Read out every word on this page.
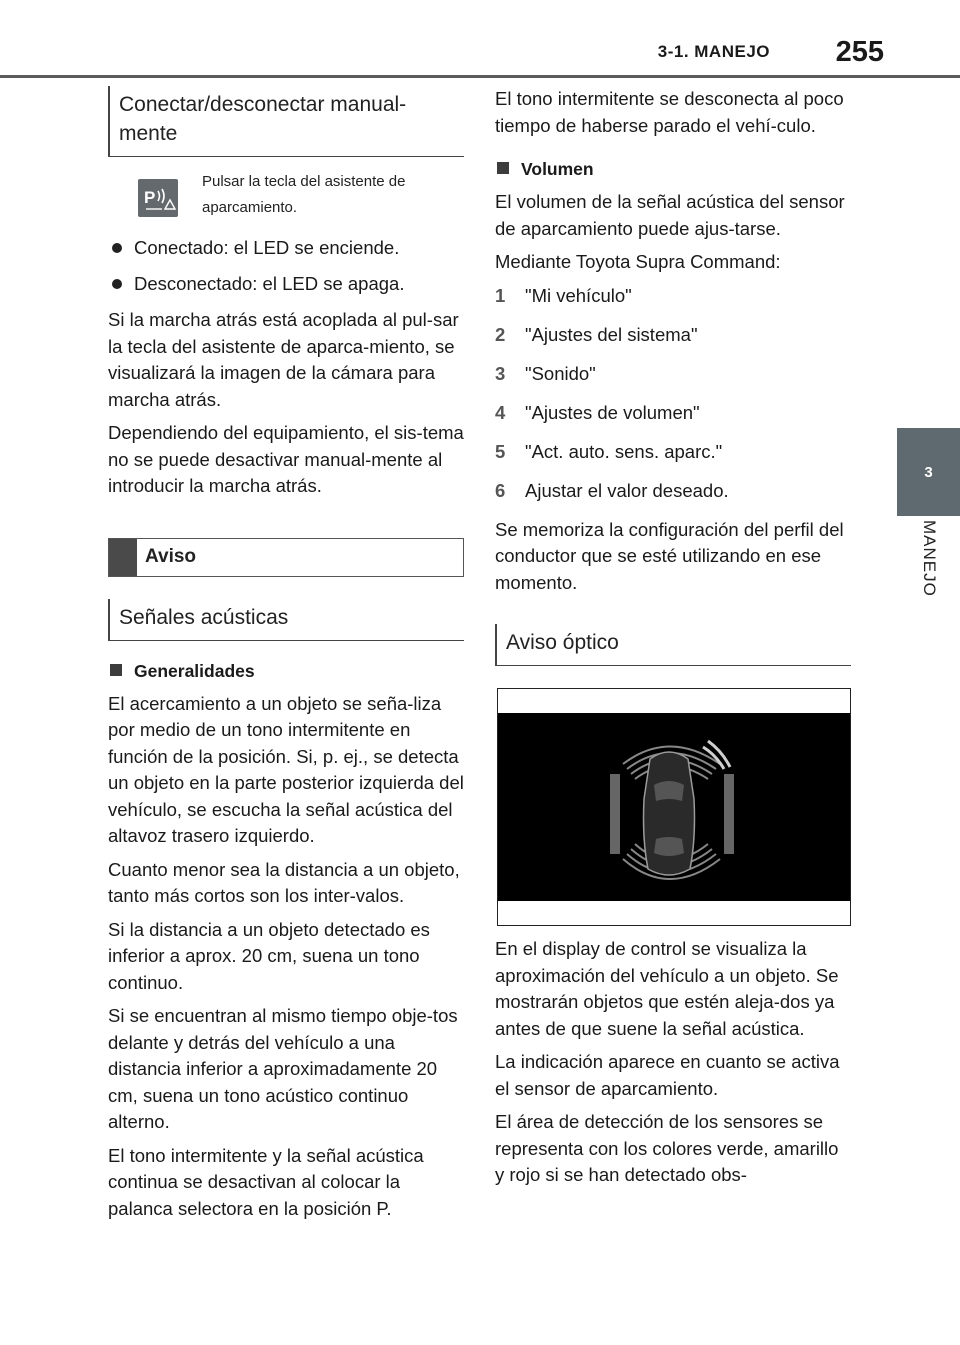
3-1. MANEJO 255
3
MANEJO
Conectar/desconectar manual-mente
P
Pulsar la tecla del asistente de aparcamiento.
Conectado: el LED se enciende.
Desconectado: el LED se apaga.

Si la marcha atrás está acoplada al pul-sar la tecla del asistente de aparca-miento, se visualizará la imagen de la cámara para marcha atrás.

Dependiendo del equipamiento, el sis-tema no se puede desactivar manual-mente al introducir la marcha atrás.

Aviso
Señales acústicas
Generalidades

El acercamiento a un objeto se seña-liza por medio de un tono intermitente en función de la posición. Si, p. ej., se detecta un objeto en la parte posterior izquierda del vehículo, se escucha la señal acústica del altavoz trasero izquierdo.

Cuanto menor sea la distancia a un objeto, tanto más cortos son los inter-valos.

Si la distancia a un objeto detectado es inferior a aprox. 20 cm, suena un tono continuo.

Si se encuentran al mismo tiempo obje-tos delante y detrás del vehículo a una distancia inferior a aproximadamente 20 cm, suena un tono acústico continuo alterno.

El tono intermitente y la señal acústica continua se desactivan al colocar la palanca selectora en la posición P.

El tono intermitente se desconecta al poco tiempo de haberse parado el vehí-culo.

Volumen

El volumen de la señal acústica del sensor de aparcamiento puede ajus-tarse.

Mediante Toyota Supra Command:

1 "Mi vehículo"
2 "Ajustes del sistema"
3 "Sonido"
4 "Ajustes de volumen"
5 "Act. auto. sens. aparc."
6 Ajustar el valor deseado.

Se memoriza la configuración del perfil del conductor que se esté utilizando en ese momento.

Aviso óptico

En el display de control se visualiza la aproximación del vehículo a un objeto. Se mostrarán objetos que estén aleja-dos ya antes de que suene la señal acústica.

La indicación aparece en cuanto se activa el sensor de aparcamiento.

El área de detección de los sensores se representa con los colores verde, amarillo y rojo si se han detectado obs-
